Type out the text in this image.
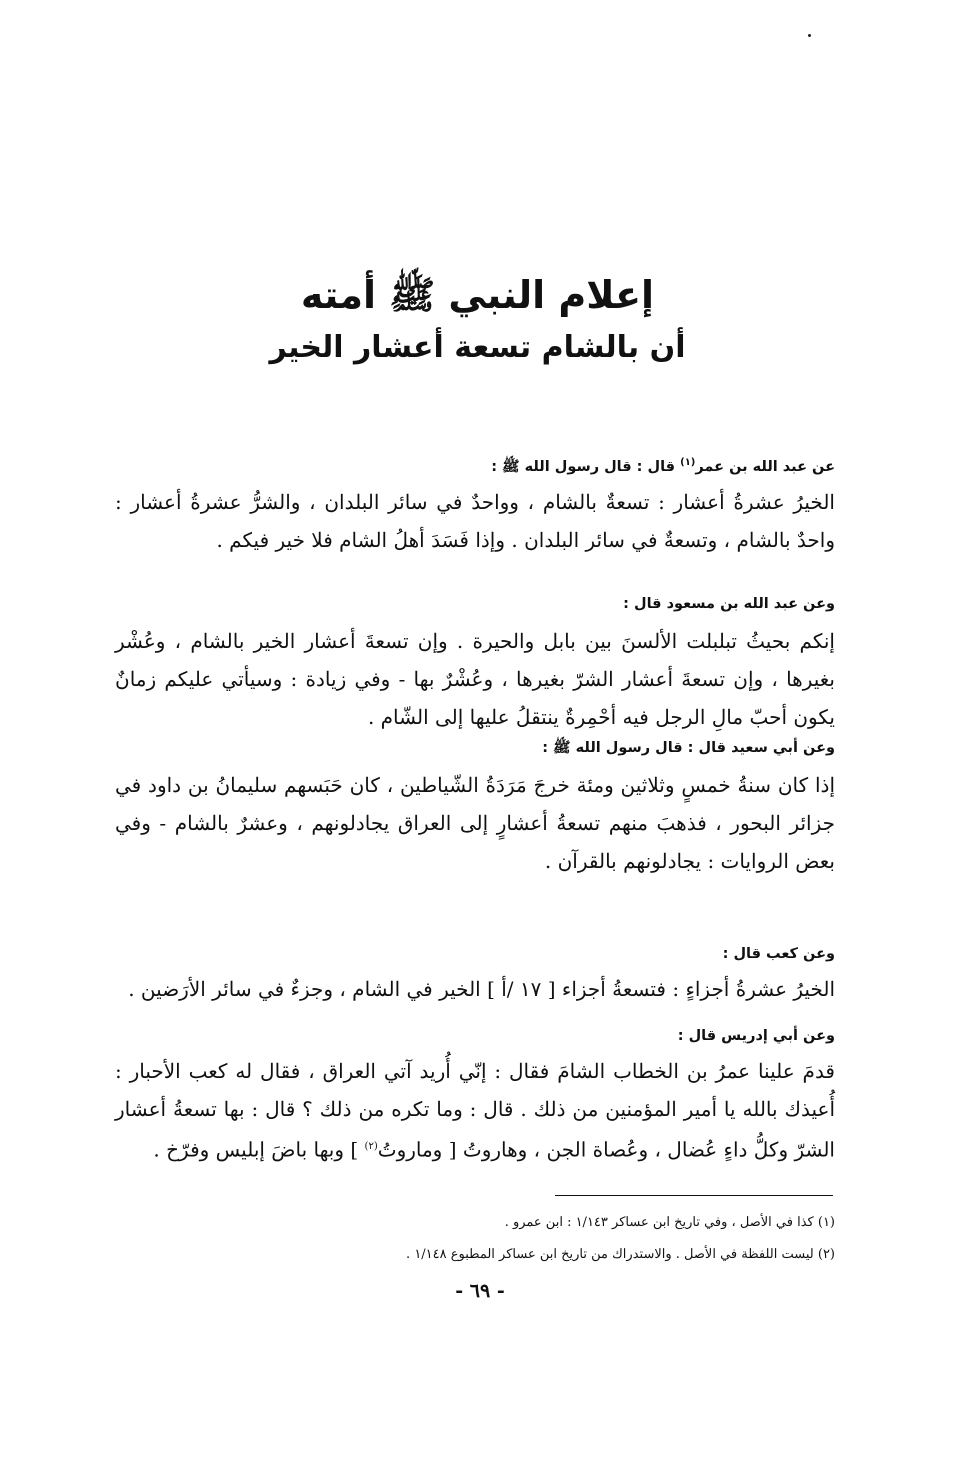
إعلام النبي ﷺ أمته
أن بالشام تسعة أعشار الخير
عن عبد الله بن عمر$^{(١)}$ قال : قال رسول الله ﷺ :
الخيرُ عشرةُ أعشار : تسعةٌ بالشام ، وواحدٌ في سائر البلدان ، والشرُّ عشرةُ أعشار : واحدٌ بالشام ، وتسعةٌ في سائر البلدان . وإذا فَسَدَ أهلُ الشام فلا خير فيكم .
وعن عبد الله بن مسعود قال :
إنكم بحيثُ تبلبلت الألسنَ بين بابل والحيرة . وإن تسعةَ أعشار الخير بالشام ، وعُشْر بغيرها ، وإن تسعةَ أعشار الشرّ بغيرها ، وعُشْرٌ بها - وفي زيادة : وسيأتي عليكم زمانٌ يكون أحبّ مالِ الرجل فيه أحْمِرةٌ ينتقلُ عليها إلى الشّام .
وعن أبي سعيد قال : قال رسول الله ﷺ :
إذا كان سنةُ خمسٍ وثلاثين ومئة خرجَ مَرَدَةُ الشّياطين ، كان حَبَسهم سليمانُ بن داود في جزائر البحور ، فذهبَ منهم تسعةُ أعشارٍ إلى العراق يجادلونهم ، وعشرٌ بالشام - وفي بعض الروايات : يجادلونهم بالقرآن .
وعن كعب قال :
الخيرُ عشرةُ أجزاءٍ : فتسعةُ أجزاء [ ١٧ /أ ] الخير في الشام ، وجزءٌ في سائر الأرَضين .
وعن أبي إدريس قال :
قدمَ علينا عمرُ بن الخطاب الشامَ فقال : إنّي أُريد آتي العراق ، فقال له كعب الأحبار : أُعيذك بالله يا أمير المؤمنين من ذلك . قال : وما تكره من ذلك ؟ قال : بها تسعةُ أعشار الشرّ وكلُّ داءٍ عُضال ، وعُصاة الجن ، وهاروتُ [ وماروتُ$^{(٢)}$ ] وبها باضَ إبليس وفرّخ .
(١) كذا في الأصل ، وفي تاريخ ابن عساكر ١/١٤٣ : ابن عمرو .
(٢) ليست اللفظة في الأصل . والاستدراك من تاريخ ابن عساكر المطبوع ١/١٤٨ .
- ٦٩ -
